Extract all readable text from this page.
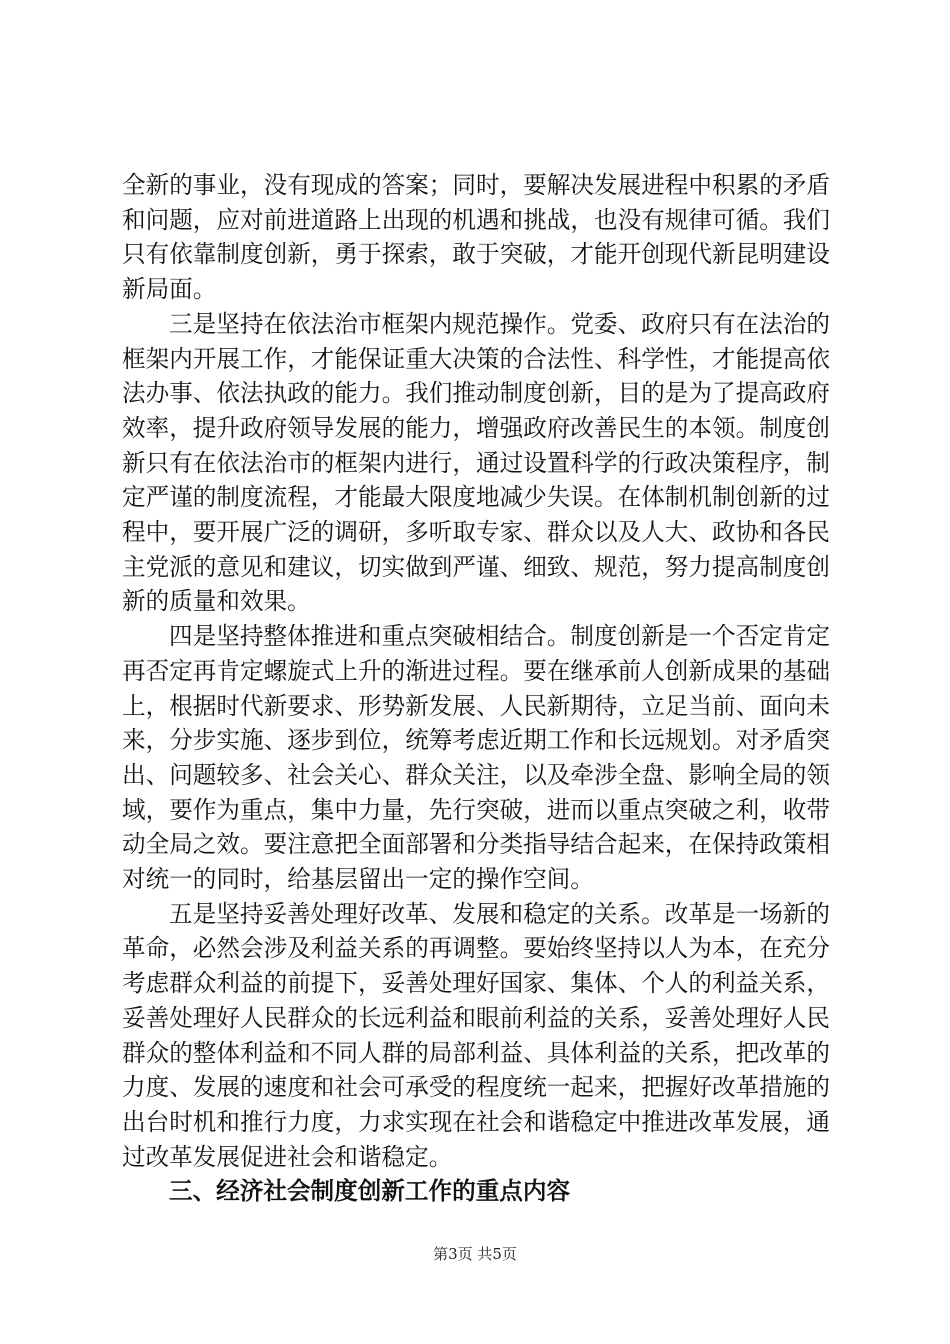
全新的事业，没有现成的答案；同时，要解决发展进程中积累的矛盾和问题，应对前进道路上出现的机遇和挑战，也没有规律可循。我们只有依靠制度创新，勇于探索，敢于突破，才能开创现代新昆明建设新局面。

三是坚持在依法治市框架内规范操作。党委、政府只有在法治的框架内开展工作，才能保证重大决策的合法性、科学性，才能提高依法办事、依法执政的能力。我们推动制度创新，目的是为了提高政府效率，提升政府领导发展的能力，增强政府改善民生的本领。制度创新只有在依法治市的框架内进行，通过设置科学的行政决策程序，制定严谨的制度流程，才能最大限度地减少失误。在体制机制创新的过程中，要开展广泛的调研，多听取专家、群众以及人大、政协和各民主党派的意见和建议，切实做到严谨、细致、规范，努力提高制度创新的质量和效果。

四是坚持整体推进和重点突破相结合。制度创新是一个否定肯定再否定再肯定螺旋式上升的渐进过程。要在继承前人创新成果的基础上，根据时代新要求、形势新发展、人民新期待，立足当前、面向未来，分步实施、逐步到位，统筹考虑近期工作和长远规划。对矛盾突出、问题较多、社会关心、群众关注，以及牵涉全盘、影响全局的领域，要作为重点，集中力量，先行突破，进而以重点突破之利，收带动全局之效。要注意把全面部署和分类指导结合起来，在保持政策相对统一的同时，给基层留出一定的操作空间。

五是坚持妥善处理好改革、发展和稳定的关系。改革是一场新的革命，必然会涉及利益关系的再调整。要始终坚持以人为本，在充分考虑群众利益的前提下，妥善处理好国家、集体、个人的利益关系，妥善处理好人民群众的长远利益和眼前利益的关系，妥善处理好人民群众的整体利益和不同人群的局部利益、具体利益的关系，把改革的力度、发展的速度和社会可承受的程度统一起来，把握好改革措施的出台时机和推行力度，力求实现在社会和谐稳定中推进改革发展，通过改革发展促进社会和谐稳定。

三、经济社会制度创新工作的重点内容

第3页 共5页
